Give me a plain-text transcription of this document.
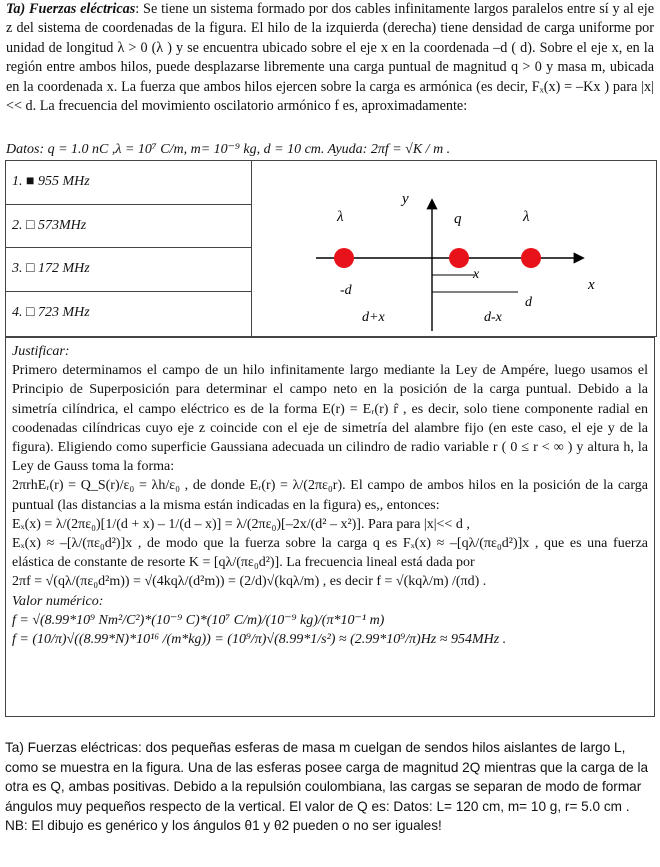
Ta) Fuerzas eléctricas: Se tiene un sistema formado por dos cables infinitamente largos paralelos entre sí y al eje z del sistema de coordenadas de la figura. El hilo de la izquierda (derecha) tiene densidad de carga uniforme por unidad de longitud λ > 0 (λ ) y se encuentra ubicado sobre el eje x en la coordenada –d ( d). Sobre el eje x, en la región entre ambos hilos, puede desplazarse libremente una carga puntual de magnitud q > 0 y masa m, ubicada en la coordenada x. La fuerza que ambos hilos ejercen sobre la carga es armónica (es decir, Fₓ(x) = –Kx ) para |x|<< d. La frecuencia del movimiento oscilatorio armónico f es, aproximadamente:
Datos: q = 1.0 nC ,λ = 10⁷ C/m, m= 10⁻⁹ kg, d = 10 cm. Ayuda: 2πf = √K / m .
1. ■ 955 MHz
2. □ 573MHz
3. □ 172 MHz
4. □ 723 MHz
y
λ	q	λ
x
x
-d
d
d+x	d-x

Justificar:

Primero determinamos el campo de un hilo infinitamente largo mediante la Ley de Ampére, luego usamos el Principio de Superposición para determinar el campo neto en la posición de la carga puntual. Debido a la simetría cilíndrica, el campo eléctrico es de la forma E(r) = Eᵣ(r) r̂ , es decir, solo tiene componente radial en coodenadas cilíndricas cuyo eje z coincide con el eje de simetría del alambre fijo (en este caso, el eje y de la figura). Eligiendo como superficie Gaussiana adecuada un cilindro de radio variable r ( 0 ≤ r < ∞ ) y altura h, la Ley de Gauss toma la forma:

2πrhEᵣ(r) = Q_S(r)/ε₀ = λh/ε₀ , de donde Eᵣ(r) = λ/(2πε₀r). El campo de ambos hilos en la posición de la carga puntual (las distancias a la misma están indicadas en la figura) es,, entonces:

Eₓ(x) = λ/(2πε₀)[1/(d + x) – 1/(d – x)] = λ/(2πε₀)[–2x/(d² – x²)]. Para para |x|<< d ,

Eₓ(x) ≈ –[λ/(πε₀d²)]x , de modo que la fuerza sobre la carga q es Fₓ(x) ≈ –[qλ/(πε₀d²)]x , que es una fuerza elástica de constante de resorte K = [qλ/(πε₀d²)]. La frecuencia lineal está dada por

2πf = √(qλ/(πε₀d²m)) = √(4kqλ/(d²m)) = (2/d)√(kqλ/m) , es decir f = √(kqλ/m) /(πd) .

Valor numérico:

f = √(8.99*10⁹ Nm²/C²)*(10⁻⁹ C)*(10⁷ C/m)/(10⁻⁹ kg)/(π*10⁻¹ m)

f = (10/π)√((8.99*N)*10¹⁶ /(m*kg)) = (10⁹/π)√(8.99*1/s²) ≈ (2.99*10⁹/π)Hz ≈ 954MHz .

Ta) Fuerzas eléctricas: dos pequeñas esferas de masa m cuelgan de sendos hilos aislantes de largo L, como se muestra en la figura. Una de las esferas posee carga de magnitud 2Q mientras que la carga de la otra es Q, ambas positivas. Debido a la repulsión coulombiana, las cargas se separan de modo de formar ángulos muy pequeños respecto de la vertical. El valor de Q es: Datos: L= 120 cm, m= 10 g, r= 5.0 cm . NB: El dibujo es genérico y los ángulos θ1 y θ2 pueden o no ser iguales!
